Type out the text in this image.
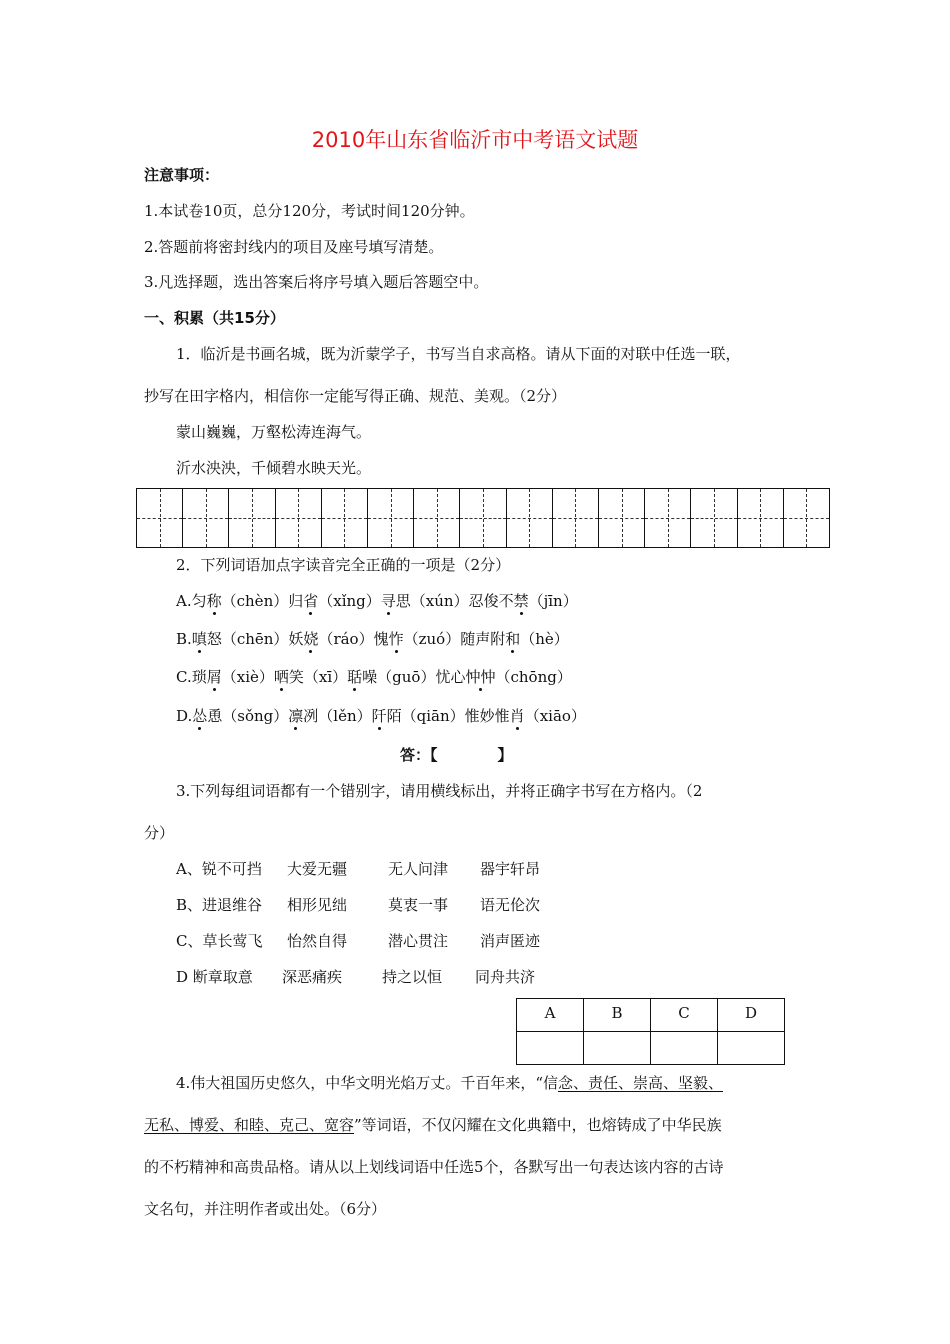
2010年山东省临沂市中考语文试题
注意事项：
1.本试卷10页，总分120分，考试时间120分钟。
2.答题前将密封线内的项目及座号填写清楚。
3.凡选择题，选出答案后将序号填入题后答题空中。
一、积累（共15分）
1．临沂是书画名城，既为沂蒙学子，书写当自求高格。请从下面的对联中任选一联，
抄写在田字格内，相信你一定能写得正确、规范、美观。（2分）
蒙山巍巍，万壑松涛连海气。
沂水泱泱，千倾碧水映天光。
2．下列词语加点字读音完全正确的一项是（2分）
A.匀称（chèn）归省（xǐng）寻思（xún）忍俊不禁（jīn）
B.嗔怒（chēn）妖娆（ráo）愧怍（zuó）随声附和（hè）
C.琐屑（xiè）哂笑（xī）聒噪（guō）忧心忡忡（chōng）
D.怂恿（sǒng）凛冽（lěn）阡陌（qiān）惟妙惟肖（xiāo）
答：【	】
3.下列每组词语都有一个错别字，请用横线标出，并将正确字书写在方格内。（2
分）
A、锐不可挡 大爱无疆	无人问津 器宇轩昂
B、进退维谷 相形见绌	莫衷一事 语无伦次
C、草长莺飞 怡然自得	潜心贯注 消声匿迹
D 断章取意 深恶痛疾	持之以恒 同舟共济
A	B	C	D

4.伟大祖国历史悠久，中华文明光焰万丈。千百年来，“信念、责任、崇高、坚毅、
无私、博爱、和睦、克己、宽容”等词语，不仅闪耀在文化典籍中，也熔铸成了中华民族
的不朽精神和高贵品格。请从以上划线词语中任选5个，各默写出一句表达该内容的古诗
文名句，并注明作者或出处。（6分）
